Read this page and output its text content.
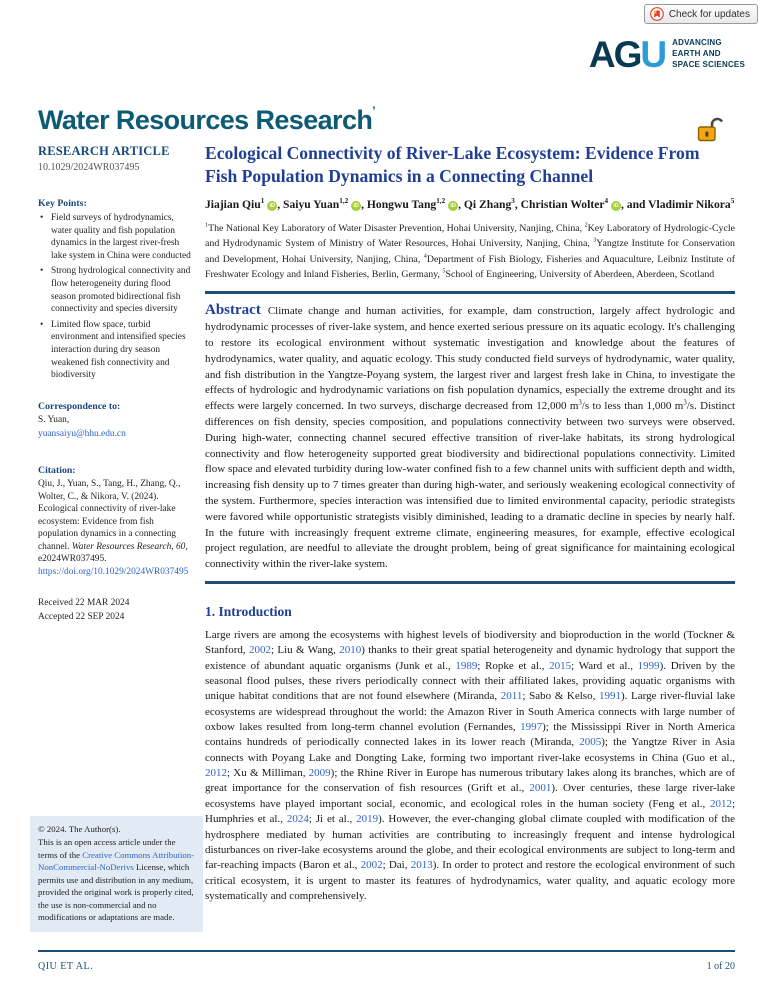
Check for updates
AGU ADVANCING
EARTH AND
SPACE SCIENCES
Water Resources Research’
RESEARCH ARTICLE
10.1029/2024WR037495
Key Points:
• Field surveys of hydrodynamics, water quality and fish population dynamics in the largest river-fresh lake system in China were conducted
• Strong hydrological connectivity and flow heterogeneity during flood season promoted bidirectional fish connectivity and species diversity
• Limited flow space, turbid environment and intensified species interaction during dry season weakened fish connectivity and biodiversity
Correspondence to:
S. Yuan,
yuansaiyu@hhu.edu.cn
Citation:
Qiu, J., Yuan, S., Tang, H., Zhang, Q., Wolter, C., & Nikora, V. (2024). Ecological connectivity of river-lake ecosystem: Evidence from fish population dynamics in a connecting channel. Water Resources Research, 60, e2024WR037495. https://doi.org/10.1029/2024WR037495
Received 22 MAR 2024
Accepted 22 SEP 2024
© 2024. The Author(s).
This is an open access article under the terms of the Creative Commons Attribution-NonCommercial-NoDerivs License, which permits use and distribution in any medium, provided the original work is properly cited, the use is non-commercial and no modifications or adaptations are made.
Ecological Connectivity of River-Lake Ecosystem: Evidence From Fish Population Dynamics in a Connecting Channel
Jiajian Qiu$^1$ iD , Saiyu Yuan$^{1,2}$ iD , Hongwu Tang$^{1,2}$ iD , Qi Zhang$^3$, Christian Wolter$^4$ iD , and Vladimir Nikora$^5$
$^1$The National Key Laboratory of Water Disaster Prevention, Hohai University, Nanjing, China, $^2$Key Laboratory of Hydrologic-Cycle and Hydrodynamic System of Ministry of Water Resources, Hohai University, Nanjing, China, $^3$Yangtze Institute for Conservation and Development, Hohai University, Nanjing, China, $^4$Department of Fish Biology, Fisheries and Aquaculture, Leibniz Institute of Freshwater Ecology and Inland Fisheries, Berlin, Germany, $^5$School of Engineering, University of Aberdeen, Aberdeen, Scotland
Abstract Climate change and human activities, for example, dam construction, largely affect hydrologic and hydrodynamic processes of river-lake system, and hence exerted serious pressure on its aquatic ecology. It's challenging to restore its ecological environment without systematic investigation and knowledge about the features of hydrodynamics, water quality, and aquatic ecology. This study conducted field surveys of hydrodynamic, water quality, and fish distribution in the Yangtze-Poyang system, the largest river and largest fresh lake in China, to investigate the effects of hydrologic and hydrodynamic variations on fish population dynamics, especially the extreme drought and its effects were largely concerned. In two surveys, discharge decreased from 12,000 $m^3/s$ to less than 1,000 $m^3/s$. Distinct differences on fish density, species composition, and populations connectivity between two surveys were observed. During high-water, connecting channel secured effective transition of river-lake habitats, its strong hydrological connectivity and flow heterogeneity supported great biodiversity and bidirectional populations connectivity. Limited flow space and elevated turbidity during low-water confined fish to a few channel units with sufficient depth and width, increasing fish density up to 7 times greater than during high-water, and seriously weakening ecological connectivity of the system. Furthermore, species interaction was intensified due to limited environmental capacity, periodic strategists were favored while opportunistic strategists visibly diminished, leading to a dramatic decline in species by nearly half. In the future with increasingly frequent extreme climate, engineering measures, for example, effective ecological project regulation, are needful to alleviate the drought problem, being of great significance for maintaining ecological connectivity within the river-lake system.
1. Introduction
Large rivers are among the ecosystems with highest levels of biodiversity and bioproduction in the world (Tockner & Stanford, 2002; Liu & Wang, 2010) thanks to their great spatial heterogeneity and dynamic hydrology that support the existence of abundant aquatic organisms (Junk et al., 1989; Ropke et al., 2015; Ward et al., 1999). Driven by the seasonal flood pulses, these rivers periodically connect with their affiliated lakes, providing aquatic organisms with unique habitat conditions that are not found elsewhere (Miranda, 2011; Sabo & Kelso, 1991). Large river-fluvial lake ecosystems are widespread throughout the world: the Amazon River in South America connects with large number of oxbow lakes resulted from long-term channel evolution (Fernandes, 1997); the Mississippi River in North America contains hundreds of periodically connected lakes in its lower reach (Miranda, 2005); the Yangtze River in Asia connects with Poyang Lake and Dongting Lake, forming two important river-lake ecosystems in China (Guo et al., 2012; Xu & Milliman, 2009); the Rhine River in Europe has numerous tributary lakes along its branches, which are of great importance for the conservation of fish resources (Grift et al., 2001). Over centuries, these large river-lake ecosystems have played important social, economic, and ecological roles in the human society (Feng et al., 2012; Humphries et al., 2024; Ji et al., 2019). However, the ever-changing global climate coupled with modification of the hydrosphere mediated by human activities are contributing to increasingly frequent and intense hydrological disturbances on river-lake ecosystems around the globe, and their ecological environments are subject to long-term and far-reaching impacts (Baron et al., 2002; Dai, 2013). In order to protect and restore the ecological environment of such critical ecosystem, it is urgent to master its features of hydrodynamics, water quality, and aquatic ecology more systematically and comprehensively.
QIU ET AL.	1 of 20
